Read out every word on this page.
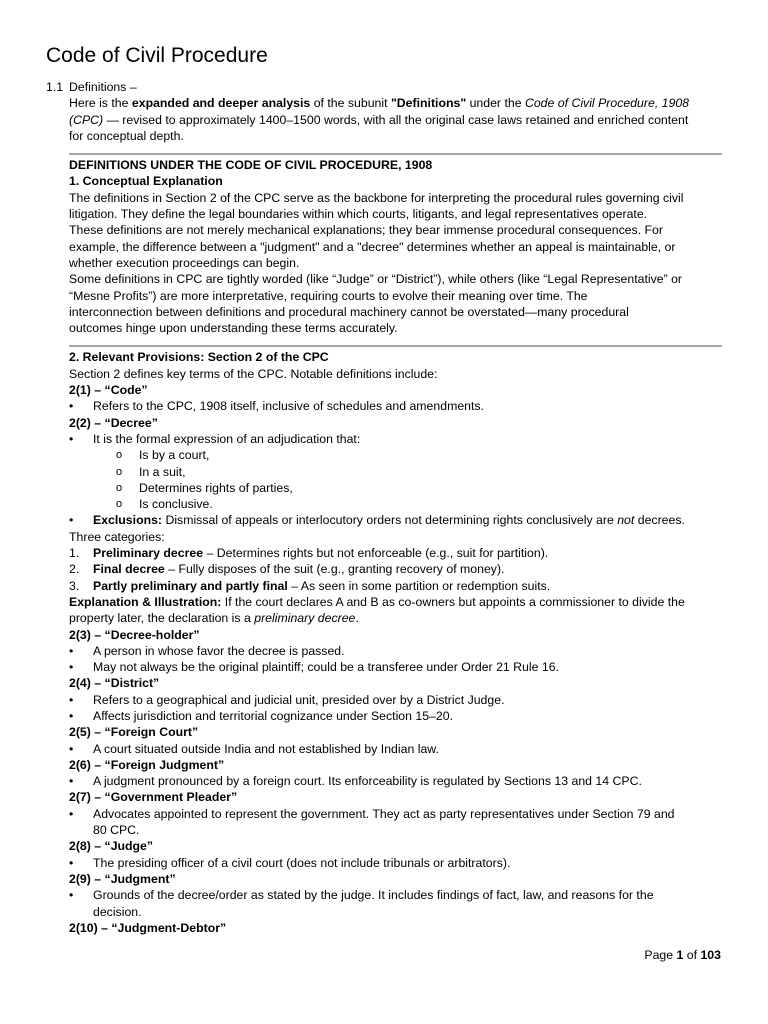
Code of Civil Procedure
1.1 Definitions –
Here is the expanded and deeper analysis of the subunit "Definitions" under the Code of Civil Procedure, 1908
(CPC) — revised to approximately 1400–1500 words, with all the original case laws retained and enriched content
for conceptual depth.
DEFINITIONS UNDER THE CODE OF CIVIL PROCEDURE, 1908
1. Conceptual Explanation
The definitions in Section 2 of the CPC serve as the backbone for interpreting the procedural rules governing civil
litigation. They define the legal boundaries within which courts, litigants, and legal representatives operate.
These definitions are not merely mechanical explanations; they bear immense procedural consequences. For
example, the difference between a "judgment" and a "decree" determines whether an appeal is maintainable, or
whether execution proceedings can begin.
Some definitions in CPC are tightly worded (like “Judge” or “District”), while others (like “Legal Representative” or
“Mesne Profits”) are more interpretative, requiring courts to evolve their meaning over time. The
interconnection between definitions and procedural machinery cannot be overstated—many procedural
outcomes hinge upon understanding these terms accurately.
2. Relevant Provisions: Section 2 of the CPC
Section 2 defines key terms of the CPC. Notable definitions include:
2(1) – “Code”
• Refers to the CPC, 1908 itself, inclusive of schedules and amendments.
2(2) – “Decree”
• It is the formal expression of an adjudication that:
o Is by a court,
o In a suit,
o Determines rights of parties,
o Is conclusive.
• Exclusions: Dismissal of appeals or interlocutory orders not determining rights conclusively are not decrees.
Three categories:
1. Preliminary decree – Determines rights but not enforceable (e.g., suit for partition).
2. Final decree – Fully disposes of the suit (e.g., granting recovery of money).
3. Partly preliminary and partly final – As seen in some partition or redemption suits.
Explanation & Illustration: If the court declares A and B as co-owners but appoints a commissioner to divide the
property later, the declaration is a preliminary decree.
2(3) – “Decree-holder”
• A person in whose favor the decree is passed.
• May not always be the original plaintiff; could be a transferee under Order 21 Rule 16.
2(4) – “District”
• Refers to a geographical and judicial unit, presided over by a District Judge.
• Affects jurisdiction and territorial cognizance under Section 15–20.
2(5) – “Foreign Court”
• A court situated outside India and not established by Indian law.
2(6) – “Foreign Judgment”
• A judgment pronounced by a foreign court. Its enforceability is regulated by Sections 13 and 14 CPC.
2(7) – “Government Pleader”
• Advocates appointed to represent the government. They act as party representatives under Section 79 and
80 CPC.
2(8) – “Judge”
• The presiding officer of a civil court (does not include tribunals or arbitrators).
2(9) – “Judgment”
• Grounds of the decree/order as stated by the judge. It includes findings of fact, law, and reasons for the
decision.
2(10) – “Judgment-Debtor”
Page 1 of 103
